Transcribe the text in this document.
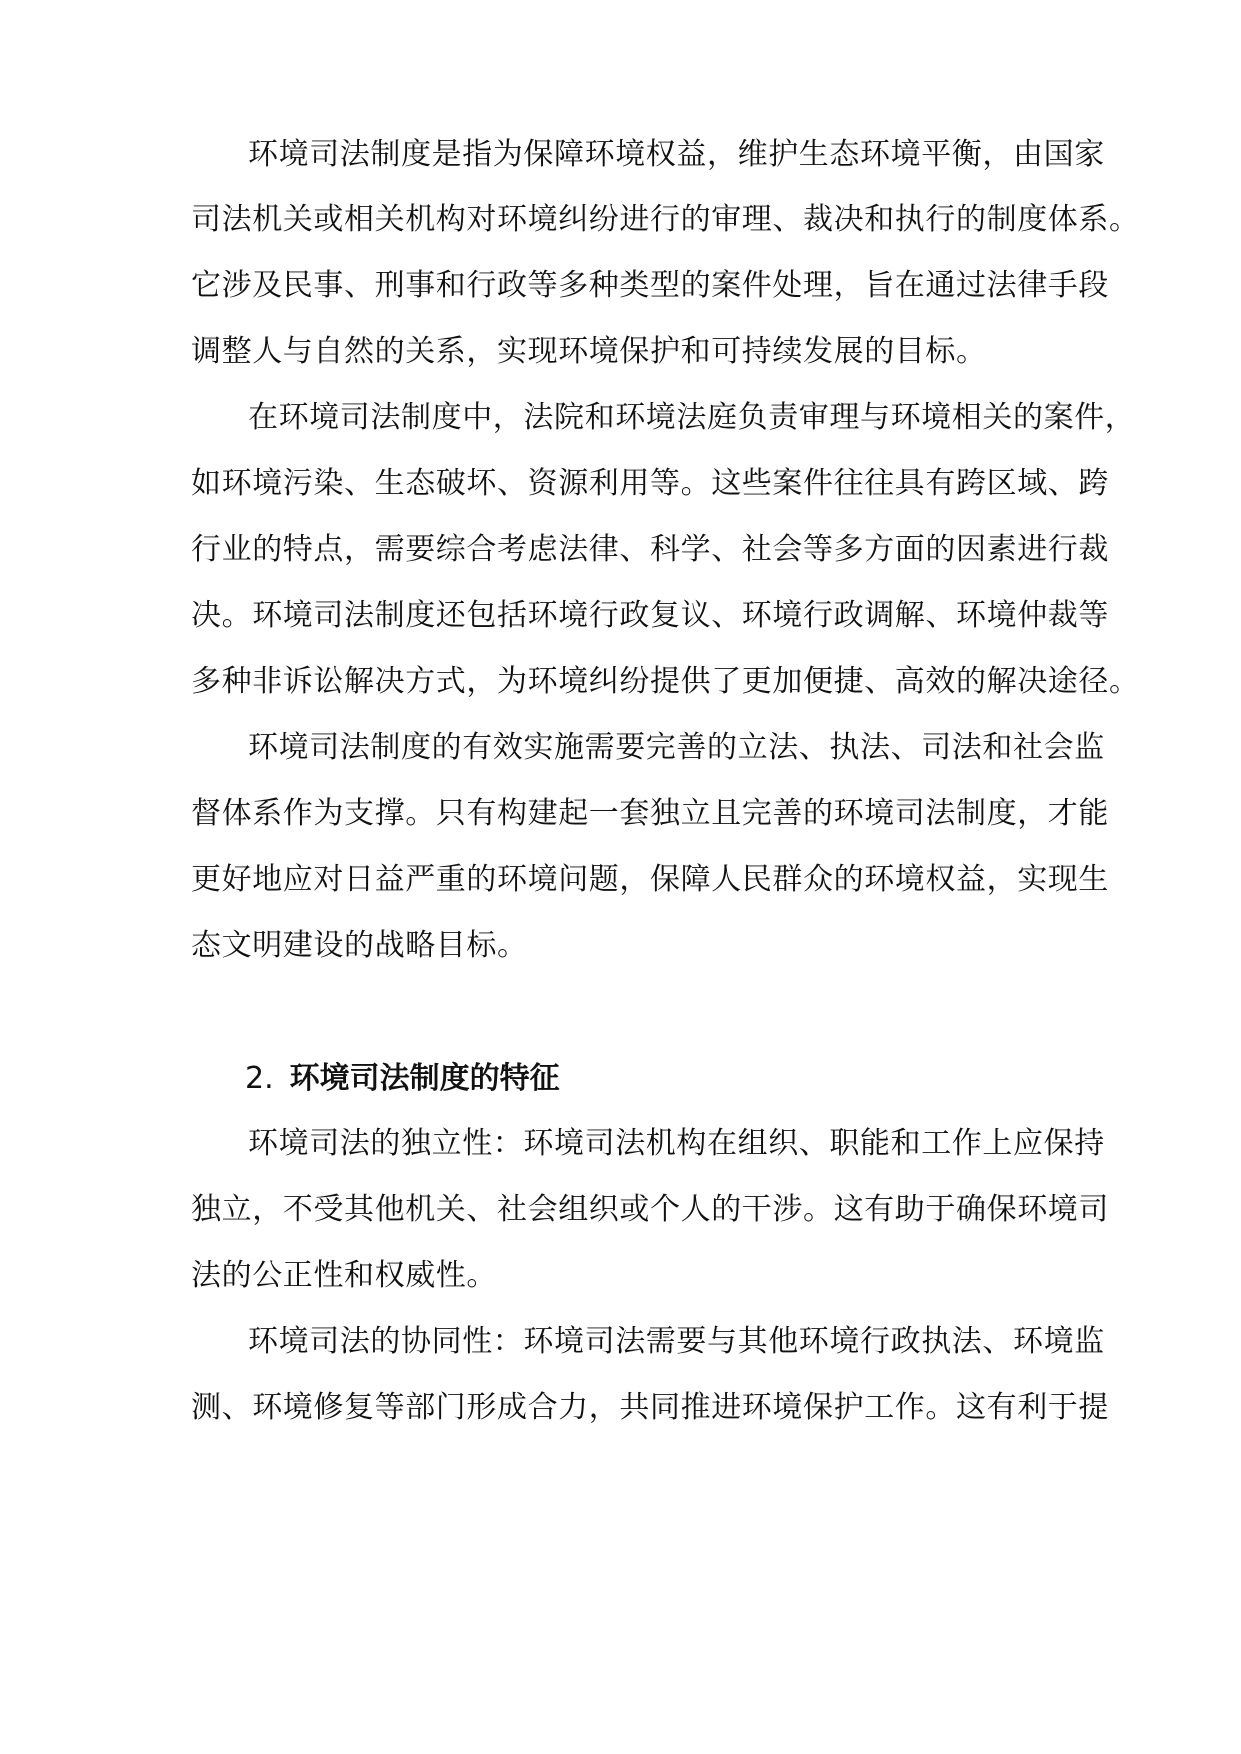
环境司法制度是指为保障环境权益，维护生态环境平衡，由国家
司法机关或相关机构对环境纠纷进行的审理、裁决和执行的制度体系。
它涉及民事、刑事和行政等多种类型的案件处理，旨在通过法律手段
调整人与自然的关系，实现环境保护和可持续发展的目标。
在环境司法制度中，法院和环境法庭负责审理与环境相关的案件，
如环境污染、生态破坏、资源利用等。这些案件往往具有跨区域、跨
行业的特点，需要综合考虑法律、科学、社会等多方面的因素进行裁
决。环境司法制度还包括环境行政复议、环境行政调解、环境仲裁等
多种非诉讼解决方式，为环境纠纷提供了更加便捷、高效的解决途径。
环境司法制度的有效实施需要完善的立法、执法、司法和社会监
督体系作为支撑。只有构建起一套独立且完善的环境司法制度，才能
更好地应对日益严重的环境问题，保障人民群众的环境权益，实现生
态文明建设的战略目标。
2. 环境司法制度的特征
环境司法的独立性：环境司法机构在组织、职能和工作上应保持
独立，不受其他机关、社会组织或个人的干涉。这有助于确保环境司
法的公正性和权威性。
环境司法的协同性：环境司法需要与其他环境行政执法、环境监
测、环境修复等部门形成合力，共同推进环境保护工作。这有利于提
